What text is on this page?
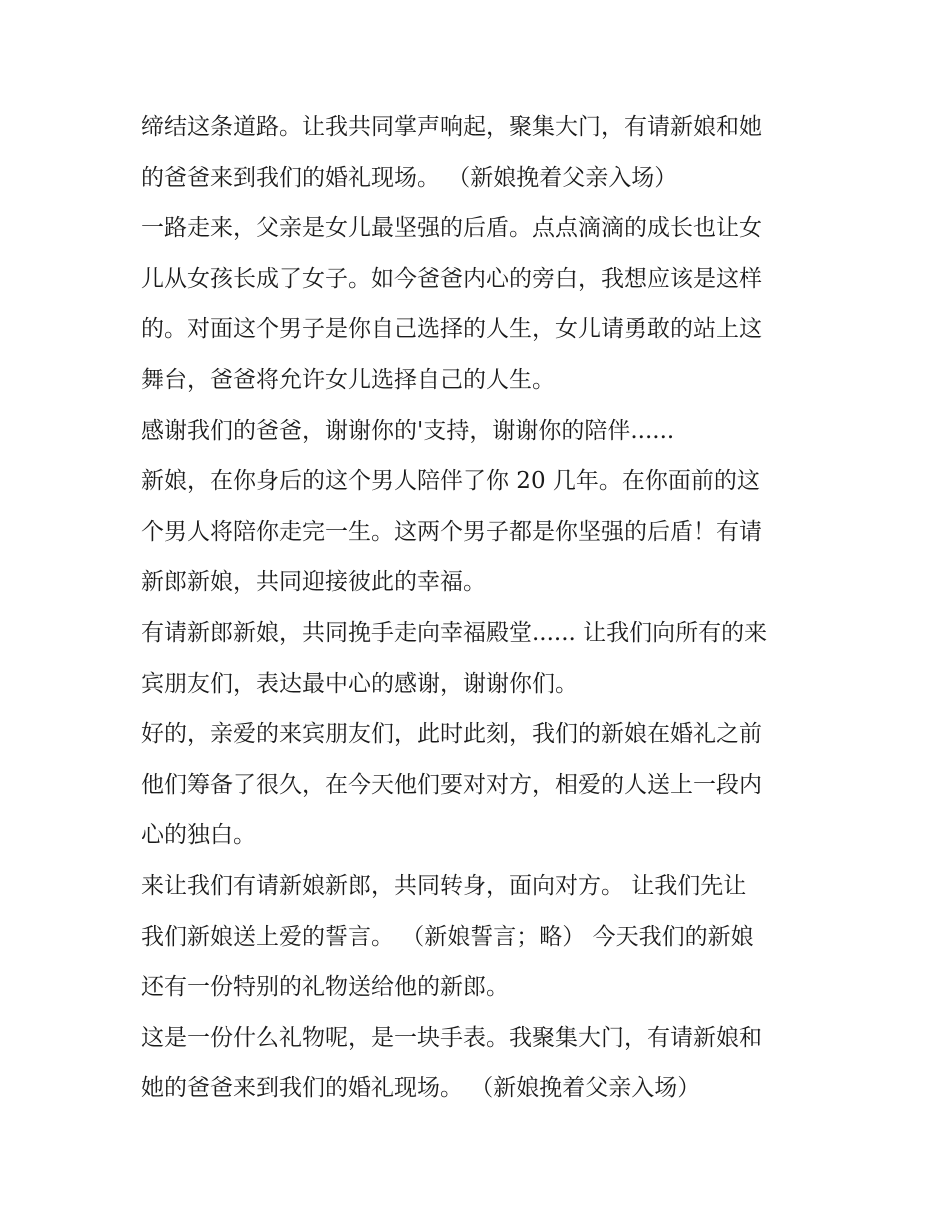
缔结这条道路。让我共同掌声响起，聚集大门，有请新娘和她

的爸爸来到我们的婚礼现场。 （新娘挽着父亲入场）

一路走来，父亲是女儿最坚强的后盾。点点滴滴的成长也让女

儿从女孩长成了女子。如今爸爸内心的旁白，我想应该是这样

的。对面这个男子是你自己选择的人生，女儿请勇敢的站上这

舞台，爸爸将允许女儿选择自己的人生。

感谢我们的爸爸，谢谢你的'支持，谢谢你的陪伴......

新娘，在你身后的这个男人陪伴了你 20 几年。在你面前的这

个男人将陪你走完一生。这两个男子都是你坚强的后盾！有请

新郎新娘，共同迎接彼此的幸福。

有请新郎新娘，共同挽手走向幸福殿堂...... 让我们向所有的来

宾朋友们，表达最中心的感谢，谢谢你们。

好的，亲爱的来宾朋友们，此时此刻，我们的新娘在婚礼之前

他们筹备了很久，在今天他们要对对方，相爱的人送上一段内

心的独白。

来让我们有请新娘新郎，共同转身，面向对方。 让我们先让

我们新娘送上爱的誓言。 （新娘誓言；略） 今天我们的新娘

还有一份特别的礼物送给他的新郎。

这是一份什么礼物呢，是一块手表。我聚集大门，有请新娘和

她的爸爸来到我们的婚礼现场。 （新娘挽着父亲入场）
